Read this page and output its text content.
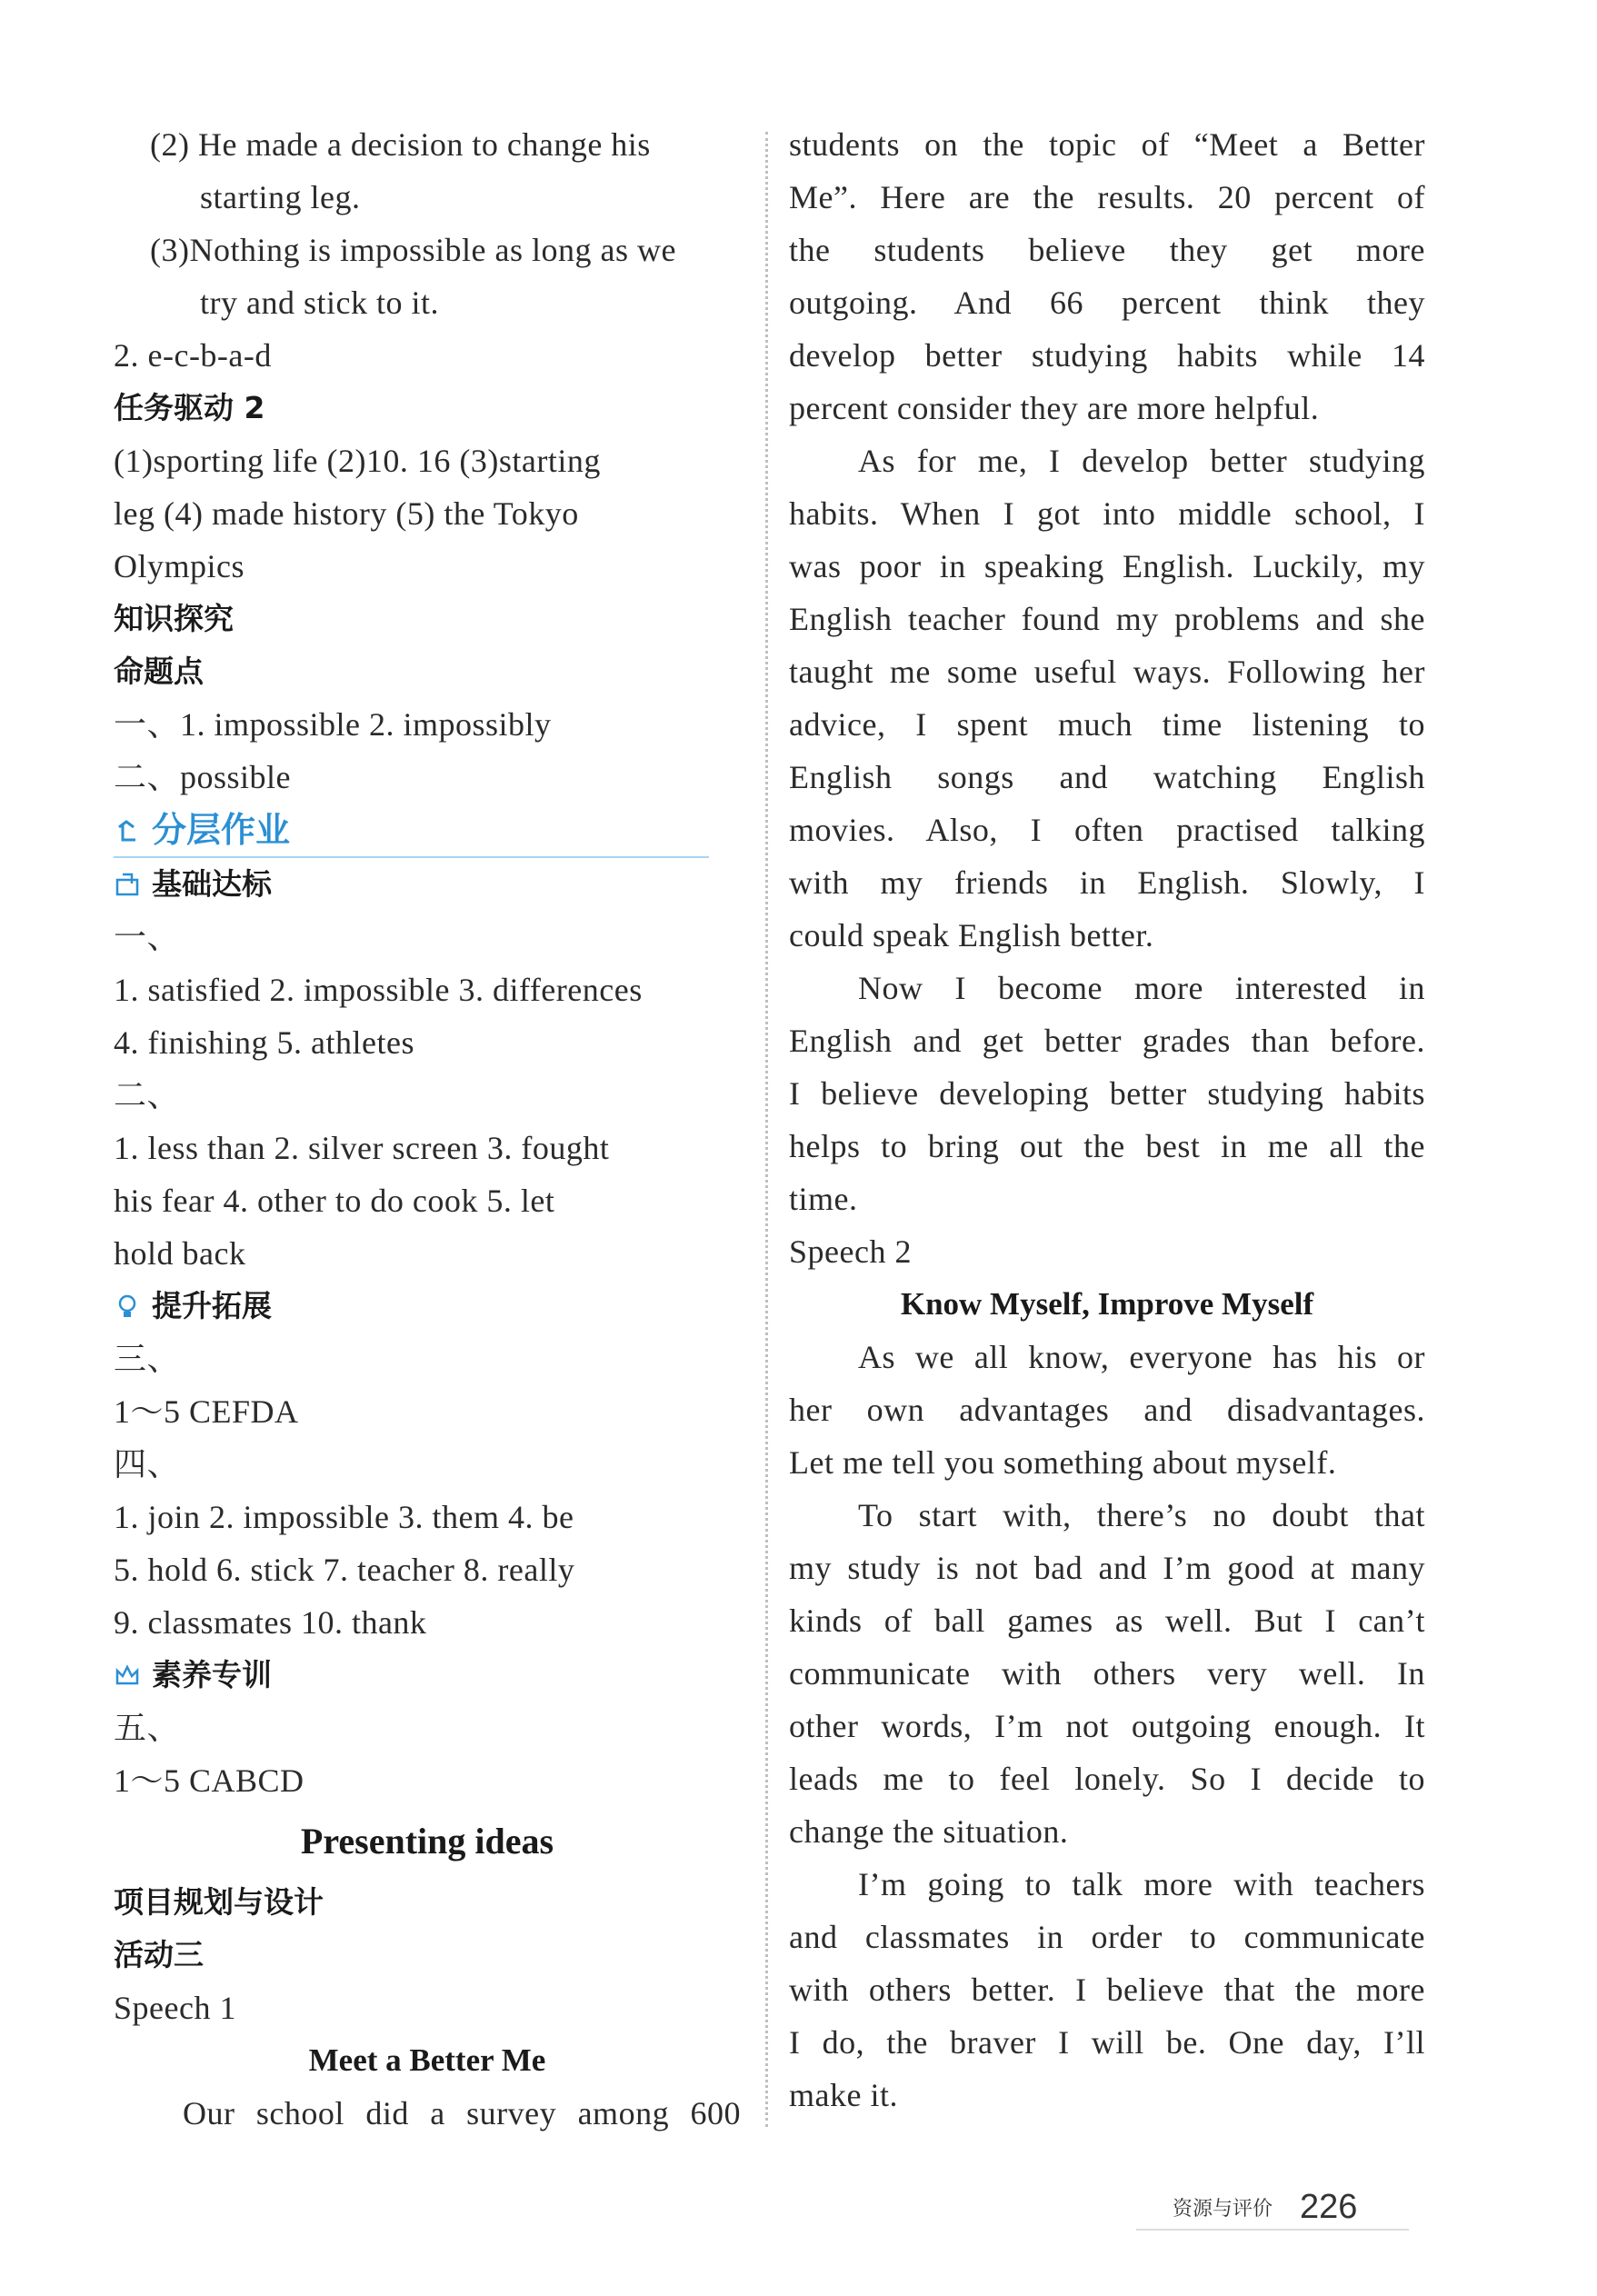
(2) He made a decision to change his
starting leg.
(3)Nothing is impossible as long as we
try and stick to it.
2. e-c-b-a-d
任务驱动 2
(1)sporting life (2)10. 16 (3)starting
leg (4) made history (5) the Tokyo
Olympics
知识探究
命题点
一、1. impossible 2. impossibly
二、possible
分层作业
基础达标
一、
1. satisfied 2. impossible 3. differences
4. finishing 5. athletes
二、
1. less than 2. silver screen 3. fought
his fear 4. other to do cook 5. let
hold back
提升拓展
三、
1～5 CEFDA
四、
1. join 2. impossible 3. them 4. be
5. hold 6. stick 7. teacher 8. really
9. classmates 10. thank
素养专训
五、
1～5 CABCD
Presenting ideas
项目规划与设计
活动三
Speech 1
Meet a Better Me
Our school did a survey among 600
students on the topic of “Meet a Better
Me”. Here are the results. 20 percent of
the students believe they get more
outgoing. And 66 percent think they
develop better studying habits while 14
percent consider they are more helpful.
As for me, I develop better studying
habits. When I got into middle school, I
was poor in speaking English. Luckily, my
English teacher found my problems and she
taught me some useful ways. Following her
advice, I spent much time listening to
English songs and watching English
movies. Also, I often practised talking
with my friends in English. Slowly, I
could speak English better.
Now I become more interested in
English and get better grades than before.
I believe developing better studying habits
helps to bring out the best in me all the
time.
Speech 2
Know Myself, Improve Myself
As we all know, everyone has his or
her own advantages and disadvantages.
Let me tell you something about myself.
To start with, there’s no doubt that
my study is not bad and I’m good at many
kinds of ball games as well. But I can’t
communicate with others very well. In
other words, I’m not outgoing enough. It
leads me to feel lonely. So I decide to
change the situation.
I’m going to talk more with teachers
and classmates in order to communicate
with others better. I believe that the more
I do, the braver I will be. One day, I’ll
make it.
资源与评价 226
